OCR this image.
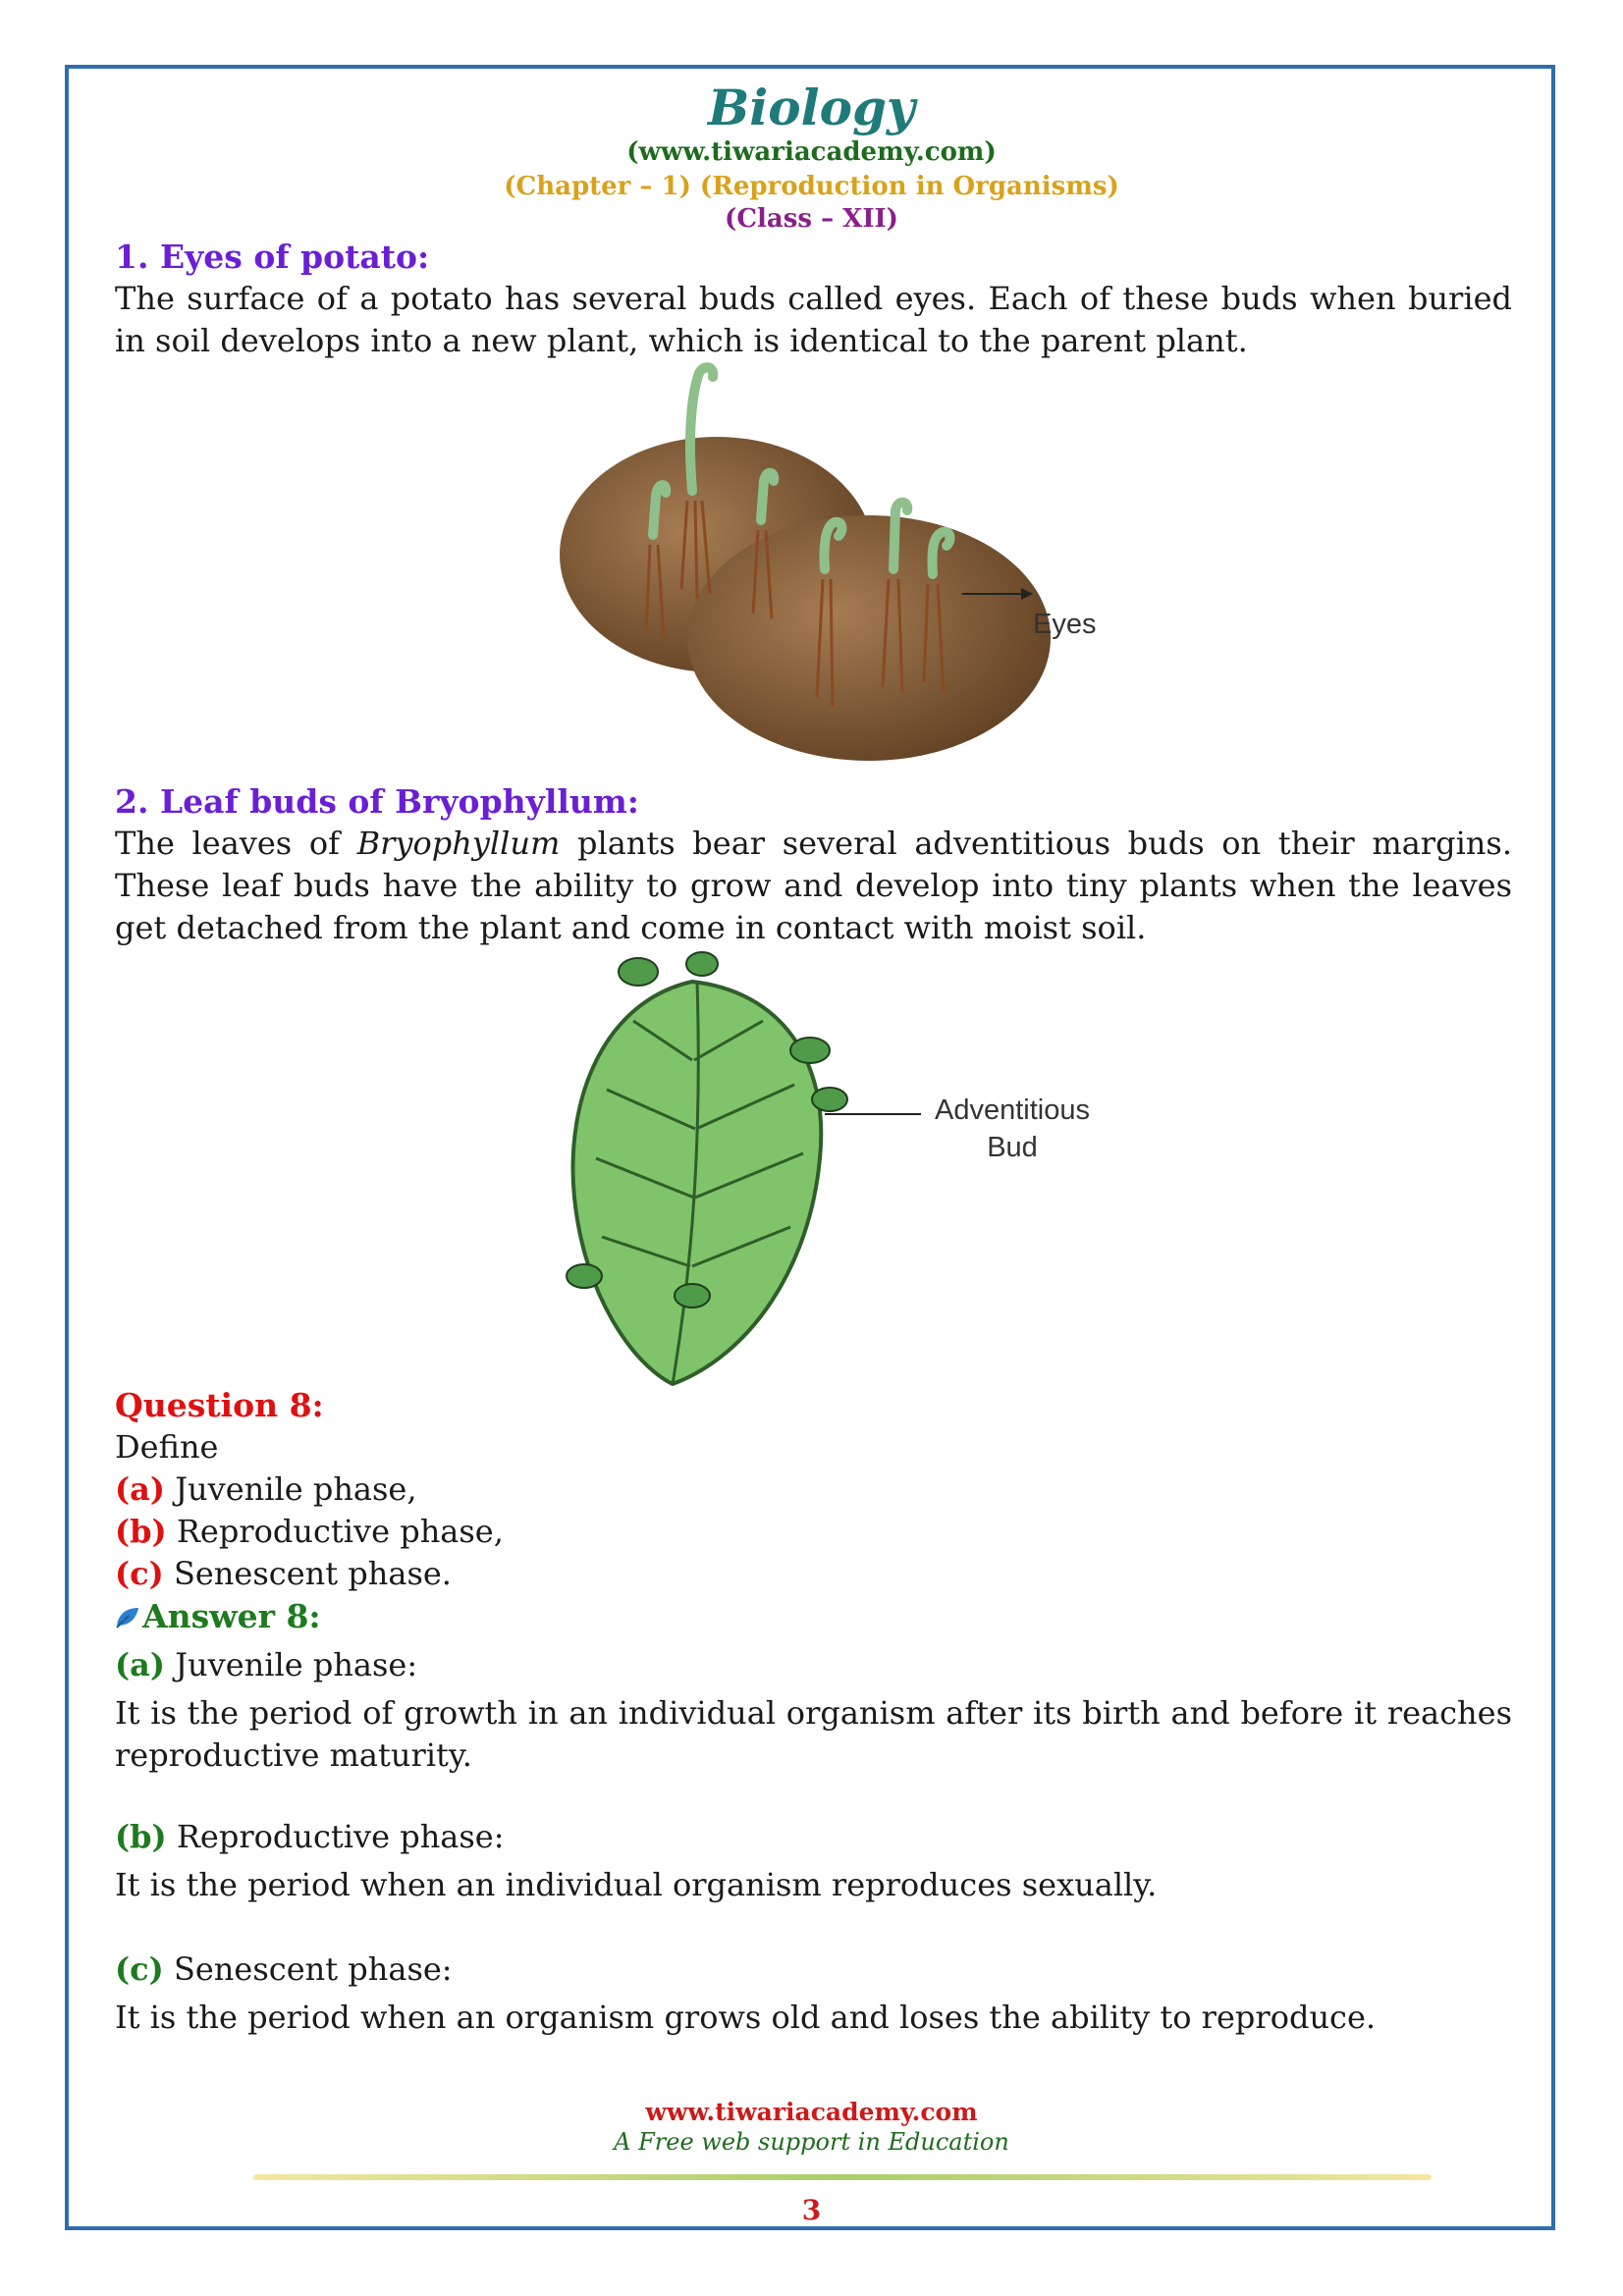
Biology
(www.tiwariacademy.com)
(Chapter – 1) (Reproduction in Organisms)
(Class – XII)

1. Eyes of potato:

The surface of a potato has several buds called eyes. Each of these buds when buried in soil develops into a new plant, which is identical to the parent plant.

Eyes

2. Leaf buds of Bryophyllum:

The leaves of Bryophyllum plants bear several adventitious buds on their margins. These leaf buds have the ability to grow and develop into tiny plants when the leaves get detached from the plant and come in contact with moist soil.

Adventitious
Bud

Question 8:

Define

(a) Juvenile phase,

(b) Reproductive phase,

(c) Senescent phase.

Answer 8:

(a) Juvenile phase:

It is the period of growth in an individual organism after its birth and before it reaches reproductive maturity.

(b) Reproductive phase:

It is the period when an individual organism reproduces sexually.

(c) Senescent phase:

It is the period when an organism grows old and loses the ability to reproduce.

www.tiwariacademy.com
A Free web support in Education
3
